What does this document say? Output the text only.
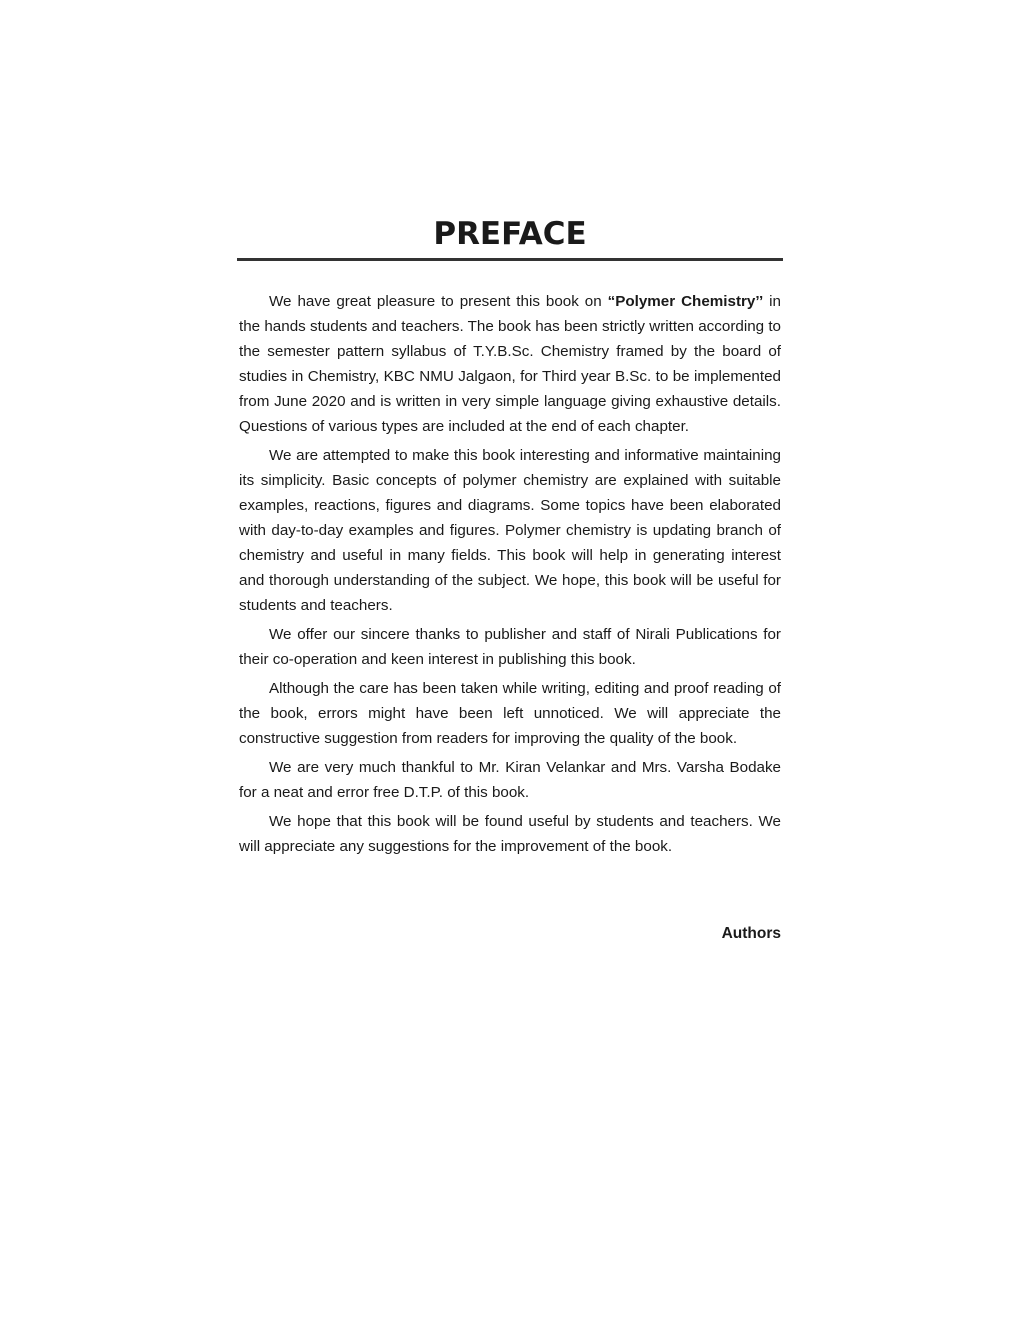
PREFACE

We have great pleasure to present this book on “Polymer Chemistry’’ in the hands students and teachers. The book has been strictly written according to the semester pattern syllabus of T.Y.B.Sc. Chemistry framed by the board of studies in Chemistry, KBC NMU Jalgaon, for Third year B.Sc. to be implemented from June 2020 and is written in very simple language giving exhaustive details. Questions of various types are included at the end of each chapter.

We are attempted to make this book interesting and informative maintaining its simplicity. Basic concepts of polymer chemistry are explained with suitable examples, reactions, figures and diagrams. Some topics have been elaborated with day-to-day examples and figures. Polymer chemistry is updating branch of chemistry and useful in many fields. This book will help in generating interest and thorough understanding of the subject. We hope, this book will be useful for students and teachers.

We offer our sincere thanks to publisher and staff of Nirali Publications for their co-operation and keen interest in publishing this book.

Although the care has been taken while writing, editing and proof reading of the book, errors might have been left unnoticed. We will appreciate the constructive suggestion from readers for improving the quality of the book.

We are very much thankful to Mr. Kiran Velankar and Mrs. Varsha Bodake for a neat and error free D.T.P. of this book.

We hope that this book will be found useful by students and teachers. We will appreciate any suggestions for the improvement of the book.

Authors
